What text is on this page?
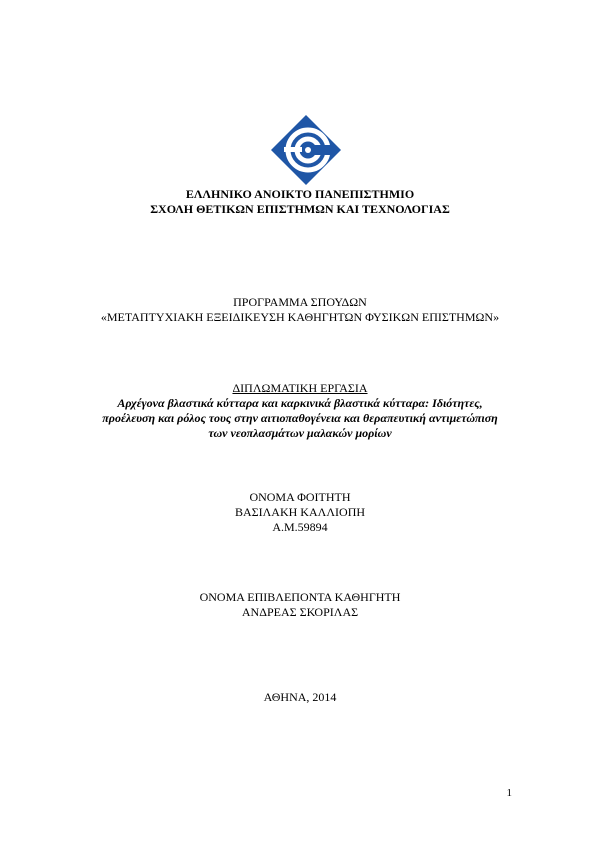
ΕΛΛΗΝΙΚΟ ΑΝΟΙΚΤΟ ΠΑΝΕΠΙΣΤΗΜΙΟ
ΣΧΟΛΗ ΘΕΤΙΚΩΝ ΕΠΙΣΤΗΜΩΝ ΚΑΙ ΤΕΧΝΟΛΟΓΙΑΣ
ΠΡΟΓΡΑΜΜΑ ΣΠΟΥΔΩΝ
«ΜΕΤΑΠΤΥΧΙΑΚΗ ΕΞΕΙΔΙΚΕΥΣΗ ΚΑΘΗΓΗΤΩΝ ΦΥΣΙΚΩΝ ΕΠΙΣΤΗΜΩΝ»
ΔΙΠΛΩΜΑΤΙΚΗ ΕΡΓΑΣΙΑ
Αρχέγονα βλαστικά κύτταρα και καρκινικά βλαστικά κύτταρα: Ιδιότητες,
προέλευση και ρόλος τους στην αιτιοπαθογένεια και θεραπευτική αντιμετώπιση
των νεοπλασμάτων μαλακών μορίων
ΟΝΟΜΑ ΦΟΙΤΗΤΗ
ΒΑΣΙΛΑΚΗ ΚΑΛΛΙΟΠΗ
Α.Μ.59894
ΟΝΟΜΑ ΕΠΙΒΛΕΠΟΝΤΑ ΚΑΘΗΓΗΤΗ
ΑΝΔΡΕΑΣ ΣΚΟΡΙΛΑΣ
ΑΘΗΝΑ, 2014
1
